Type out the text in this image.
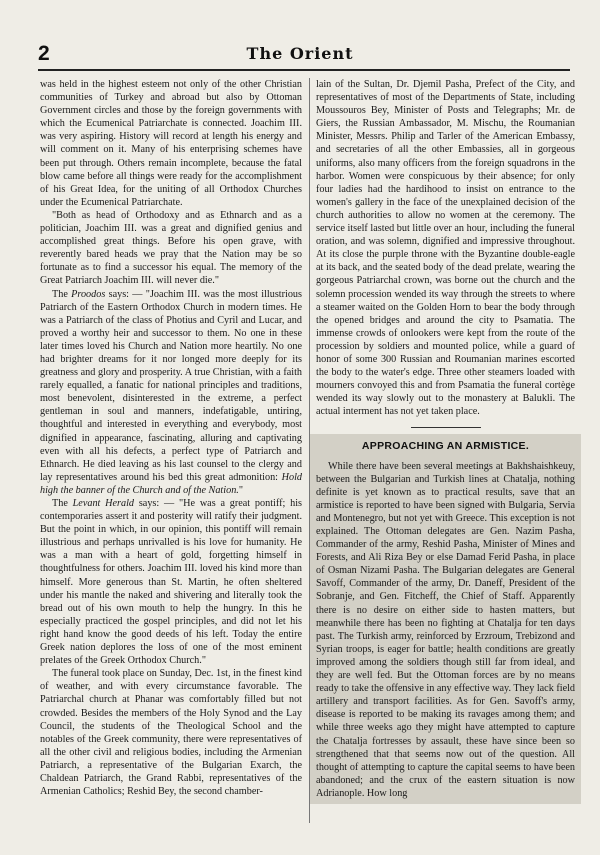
2	The Orient

was held in the highest esteem not only of the other Christian communities of Turkey and abroad but also by Ottoman Government circles and those by the foreign governments with which the Ecumenical Patriarchate is connected. Joachim III. was very aspiring. History will record at length his energy and will comment on it. Many of his enterprising schemes have been put through. Others remain incomplete, because the fatal blow came before all things were ready for the accomplishment of his Great Idea, for the uniting of all Orthodox Churches under the Ecumenical Patriarchate.

"Both as head of Orthodoxy and as Ethnarch and as a politician, Joachim III. was a great and dignified genius and accomplished great things. Before his open grave, with reverently bared heads we pray that the Nation may be so fortunate as to find a successor his equal. The memory of the Great Patriarch Joachim III. will never die."

The Proodos says: — "Joachim III. was the most illustrious Patriarch of the Eastern Orthodox Church in modern times. He was a Patriarch of the class of Photius and Cyril and Lucar, and proved a worthy heir and successor to them. No one in these later times loved his Church and Nation more heartily. No one had brighter dreams for it nor longed more deeply for its greatness and glory and prosperity. A true Christian, with a faith rarely equalled, a fanatic for national principles and traditions, most benevolent, disinterested in the extreme, a perfect gentleman in soul and manners, indefatigable, untiring, thoughtful and interested in everything and everybody, most dignified in appearance, fascinating, alluring and captivating even with all his defects, a perfect type of Patriarch and Ethnarch. He died leaving as his last counsel to the clergy and lay representatives around his bed this great admonition: Hold high the banner of the Church and of the Nation."

The Levant Herald says: — "He was a great pontiff; his contemporaries assert it and posterity will ratify their judgment. But the point in which, in our opinion, this pontiff will remain illustrious and perhaps unrivalled is his love for humanity. He was a man with a heart of gold, forgetting himself in thoughtfulness for others. Joachim III. loved his kind more than himself. More generous than St. Martin, he often sheltered under his mantle the naked and shivering and literally took the bread out of his own mouth to help the hungry. In this he especially practiced the gospel principles, and did not let his right hand know the good deeds of his left. Today the entire Greek nation deplores the loss of one of the most eminent prelates of the Greek Orthodox Church."

The funeral took place on Sunday, Dec. 1st, in the finest kind of weather, and with every circumstance favorable. The Patriarchal church at Phanar was comfortably filled but not crowded. Besides the members of the Holy Synod and the Lay Council, the students of the Theological School and the notables of the Greek community, there were representatives of all the other civil and religious bodies, including the Armenian Patriarch, a representative of the Bulgarian Exarch, the Chaldean Patriarch, the Grand Rabbi, representatives of the Armenian Catholics; Reshid Bey, the second chamber-

lain of the Sultan, Dr. Djemil Pasha, Prefect of the City, and representatives of most of the Departments of State, including Moussouros Bey, Minister of Posts and Telegraphs; Mr. de Giers, the Russian Ambassador, M. Mischu, the Roumanian Minister, Messrs. Philip and Tarler of the American Embassy, and secretaries of all the other Embassies, all in gorgeous uniforms, also many officers from the foreign squadrons in the harbor. Women were conspicuous by their absence; for only four ladies had the hardihood to insist on entrance to the women's gallery in the face of the unexplained decision of the church authorities to allow no women at the ceremony. The service itself lasted but little over an hour, including the funeral oration, and was solemn, dignified and impressive throughout. At its close the purple throne with the Byzantine double-eagle at its back, and the seated body of the dead prelate, wearing the gorgeous Patriarchal crown, was borne out the church and the solemn procession wended its way through the streets to where a steamer waited on the Golden Horn to bear the body through the opened bridges and around the city to Psamatia. The immense crowds of onlookers were kept from the route of the procession by soldiers and mounted police, while a guard of honor of some 300 Russian and Roumanian marines escorted the body to the water's edge. Three other steamers loaded with mourners convoyed this and from Psamatia the funeral cortège wended its way slowly out to the monastery at Balukli. The actual interment has not yet taken place.

APPROACHING AN ARMISTICE.

While there have been several meetings at Bakhshaishkeuy, between the Bulgarian and Turkish lines at Chatalja, nothing definite is yet known as to practical results, save that an armistice is reported to have been signed with Bulgaria, Servia and Montenegro, but not yet with Greece. This exception is not explained. The Ottoman delegates are Gen. Nazim Pasha, Commander of the army, Reshid Pasha, Minister of Mines and Forests, and Ali Riza Bey or else Damad Ferid Pasha, in place of Osman Nizami Pasha. The Bulgarian delegates are General Savoff, Commander of the army, Dr. Daneff, President of the Sobranje, and Gen. Fitcheff, the Chief of Staff. Apparently there is no desire on either side to hasten matters, but meanwhile there has been no fighting at Chatalja for ten days past. The Turkish army, reinforced by Erzroum, Trebizond and Syrian troops, is eager for battle; health conditions are greatly improved among the soldiers though still far from ideal, and they are well fed. But the Ottoman forces are by no means ready to take the offensive in any effective way. They lack field artillery and transport facilities. As for Gen. Savoff's army, disease is reported to be making its ravages among them; and while three weeks ago they might have attempted to capture the Chatalja fortresses by assault, these have since been so strengthened that that seems now out of the question. All thought of attempting to capture the capital seems to have been abandoned; and the crux of the eastern situation is now Adrianople. How long
